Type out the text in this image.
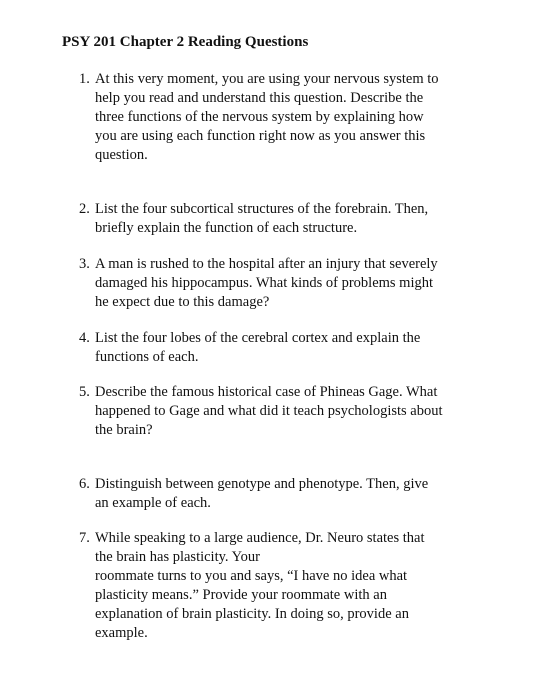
PSY 201 Chapter 2 Reading Questions
1. At this very moment, you are using your nervous system to
help you read and understand this question. Describe the
three functions of the nervous system by explaining how
you are using each function right now as you answer this
question.
2. List the four subcortical structures of the forebrain. Then,
briefly explain the function of each structure.
3. A man is rushed to the hospital after an injury that severely
damaged his hippocampus. What kinds of problems might
he expect due to this damage?
4. List the four lobes of the cerebral cortex and explain the
functions of each.
5. Describe the famous historical case of Phineas Gage. What
happened to Gage and what did it teach psychologists about
the brain?
6. Distinguish between genotype and phenotype. Then, give
an example of each.
7. While speaking to a large audience, Dr. Neuro states that
the brain has plasticity. Your
roommate turns to you and says, “I have no idea what
plasticity means.” Provide your roommate with an
explanation of brain plasticity. In doing so, provide an
example.
